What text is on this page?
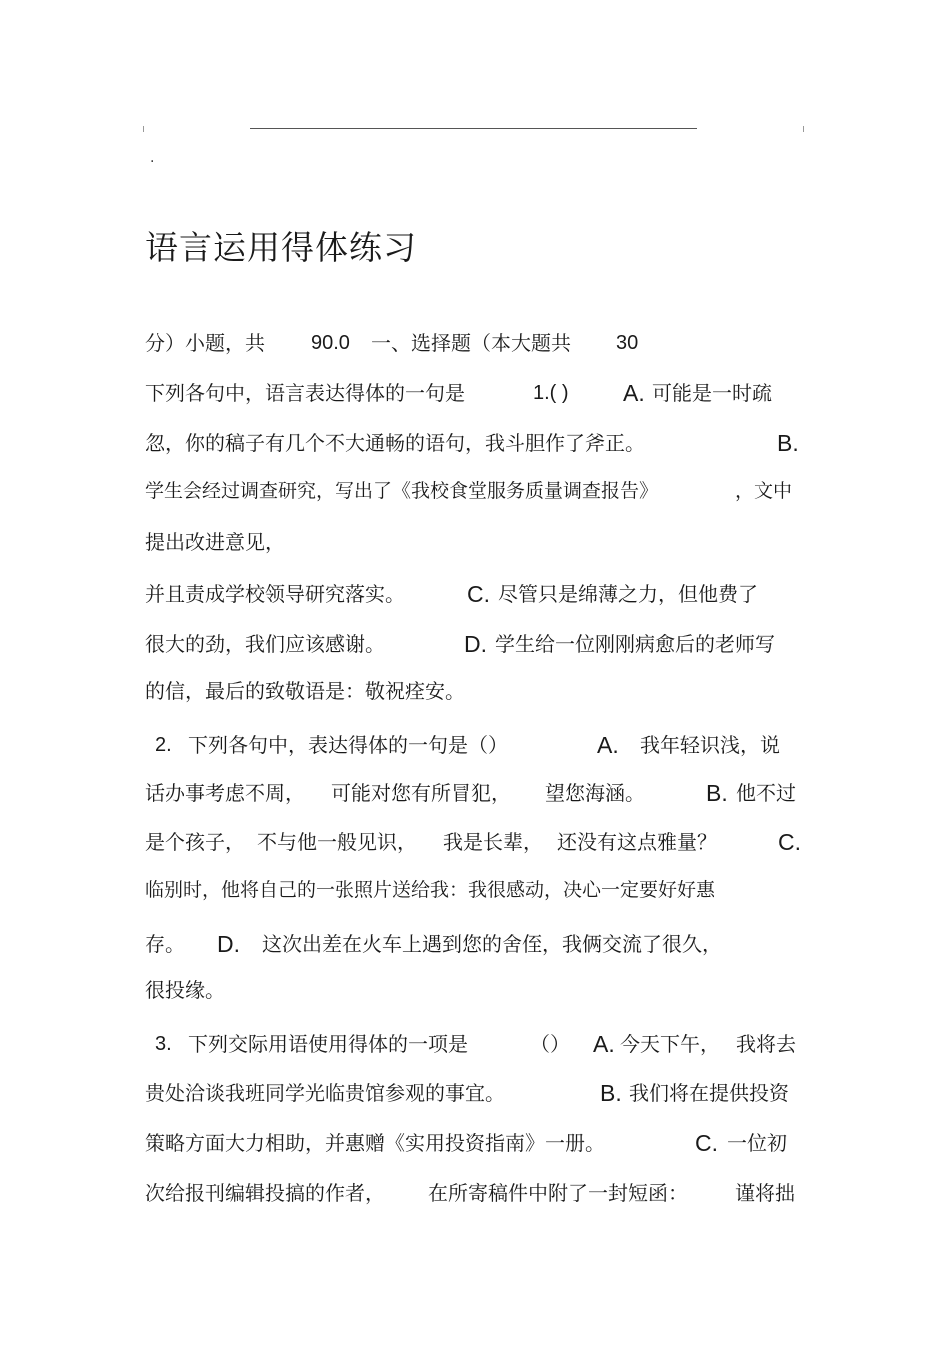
.
语言运用得体练习
分）小题，共 90.0 一、选择题（本大题共 30
下列各句中，语言表达得体的一句是	1.( ) A. 可能是一时疏
忽，你的稿子有几个不大通畅的语句，我斗胆作了斧正。	B.
学生会经过调查研究，写出了《我校食堂服务质量调查报告》	，文中
提出改进意见，
并且责成学校领导研究落实。	C. 尽管只是绵薄之力，但他费了
很大的劲，我们应该感谢。	D. 学生给一位刚刚病愈后的老师写
的信，最后的致敬语是：敬祝痊安。
2. 下列各句中，表达得体的一句是（）	A. 我年轻识浅，说
话办事考虑不周， 可能对您有所冒犯， 望您海涵。	B. 他不过
是个孩子， 不与他一般见识， 我是长辈， 还没有这点雅量？	C.
临别时，他将自己的一张照片送给我：我很感动，决心一定要好好惠
存。 D. 这次出差在火车上遇到您的舍侄，我俩交流了很久，
很投缘。
3. 下列交际用语使用得体的一项是	（） A. 今天下午， 我将去
贵处洽谈我班同学光临贵馆参观的事宜。	B. 我们将在提供投资
策略方面大力相助，并惠赠《实用投资指南》一册。	C. 一位初
次给报刊编辑投搞的作者， 在所寄稿件中附了一封短函： 谨将拙
